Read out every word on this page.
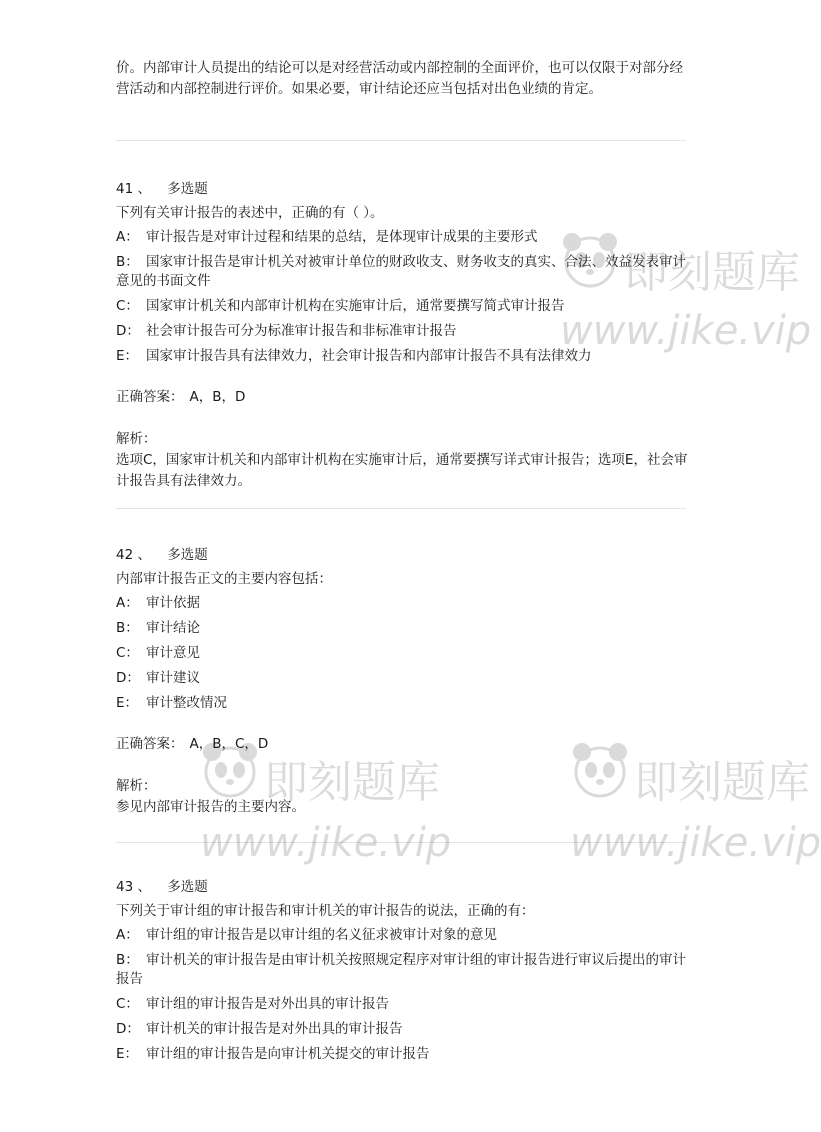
价。内部审计人员提出的结论可以是对经营活动或内部控制的全面评价，也可以仅限于对部分经营活动和内部控制进行评价。如果必要，审计结论还应当包括对出色业绩的肯定。
41 、 多选题
下列有关审计报告的表述中，正确的有（ ）。
A： 审计报告是对审计过程和结果的总结，是体现审计成果的主要形式
B： 国家审计报告是审计机关对被审计单位的财政收支、财务收支的真实、合法、效益发表审计意见的书面文件
C： 国家审计机关和内部审计机构在实施审计后，通常要撰写简式审计报告
D： 社会审计报告可分为标准审计报告和非标准审计报告
E： 国家审计报告具有法律效力，社会审计报告和内部审计报告不具有法律效力
正确答案： A，B，D
解析：
选项C，国家审计机关和内部审计机构在实施审计后，通常要撰写详式审计报告；选项E，社会审计报告具有法律效力。
42 、 多选题
内部审计报告正文的主要内容包括：
A： 审计依据
B： 审计结论
C： 审计意见
D： 审计建议
E： 审计整改情况
正确答案： A，B，C，D
解析：
参见内部审计报告的主要内容。
43 、 多选题
下列关于审计组的审计报告和审计机关的审计报告的说法，正确的有：
A： 审计组的审计报告是以审计组的名义征求被审计对象的意见
B： 审计机关的审计报告是由审计机关按照规定程序对审计组的审计报告进行审议后提出的审计报告
C： 审计组的审计报告是对外出具的审计报告
D： 审计机关的审计报告是对外出具的审计报告
E： 审计组的审计报告是向审计机关提交的审计报告
即刻题库
www.jike.vip
即刻题库
www.jike.vip
即刻题库
www.jike.vip
